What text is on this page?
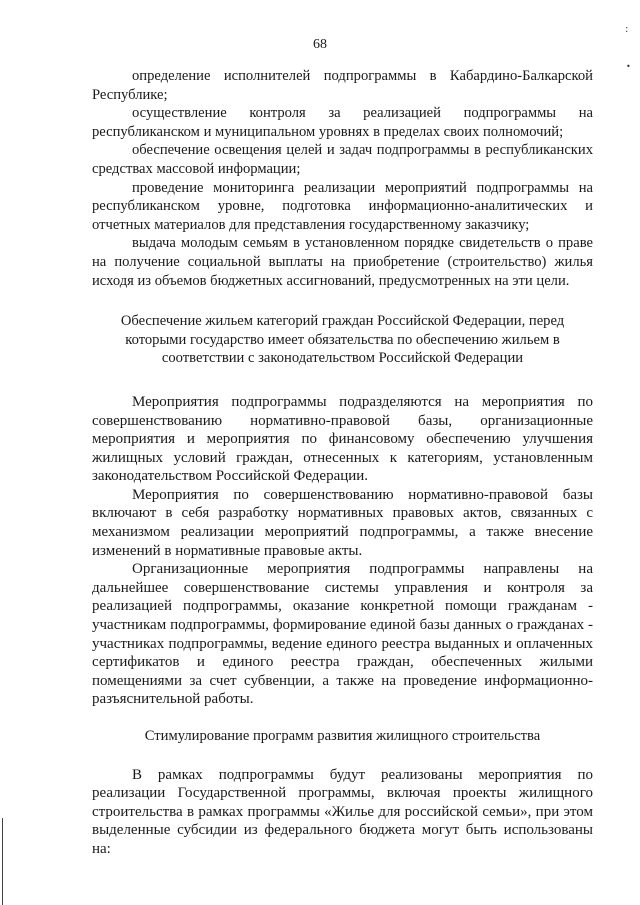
:
•
68

определение исполнителей подпрограммы в Кабардино-Балкарской Республике;

осуществление контроля за реализацией подпрограммы на республиканском и муниципальном уровнях в пределах своих полномочий;

обеспечение освещения целей и задач подпрограммы в республиканских средствах массовой информации;

проведение мониторинга реализации мероприятий подпрограммы на республиканском уровне, подготовка информационно-аналитических и отчетных материалов для представления государственному заказчику;

выдача молодым семьям в установленном порядке свидетельств о праве на получение социальной выплаты на приобретение (строительство) жилья исходя из объемов бюджетных ассигнований, предусмотренных на эти цели.

Обеспечение жильем категорий граждан Российской Федерации, перед которыми государство имеет обязательства по обеспечению жильем в соответствии с законодательством Российской Федерации

Мероприятия подпрограммы подразделяются на мероприятия по совершенствованию нормативно-правовой базы, организационные мероприятия и мероприятия по финансовому обеспечению улучшения жилищных условий граждан, отнесенных к категориям, установленным законодательством Российской Федерации.

Мероприятия по совершенствованию нормативно-правовой базы включают в себя разработку нормативных правовых актов, связанных с механизмом реализации мероприятий подпрограммы, а также внесение изменений в нормативные правовые акты.

Организационные мероприятия подпрограммы направлены на дальнейшее совершенствование системы управления и контроля за реализацией подпрограммы, оказание конкретной помощи гражданам - участникам подпрограммы, формирование единой базы данных о гражданах - участниках подпрограммы, ведение единого реестра выданных и оплаченных сертификатов и единого реестра граждан, обеспеченных жилыми помещениями за счет субвенции, а также на проведение информационно-разъяснительной работы.

Стимулирование программ развития жилищного строительства

В рамках подпрограммы будут реализованы мероприятия по реализации Государственной программы, включая проекты жилищного строительства в рамках программы «Жилье для российской семьи», при этом выделенные субсидии из федерального бюджета могут быть использованы на:
